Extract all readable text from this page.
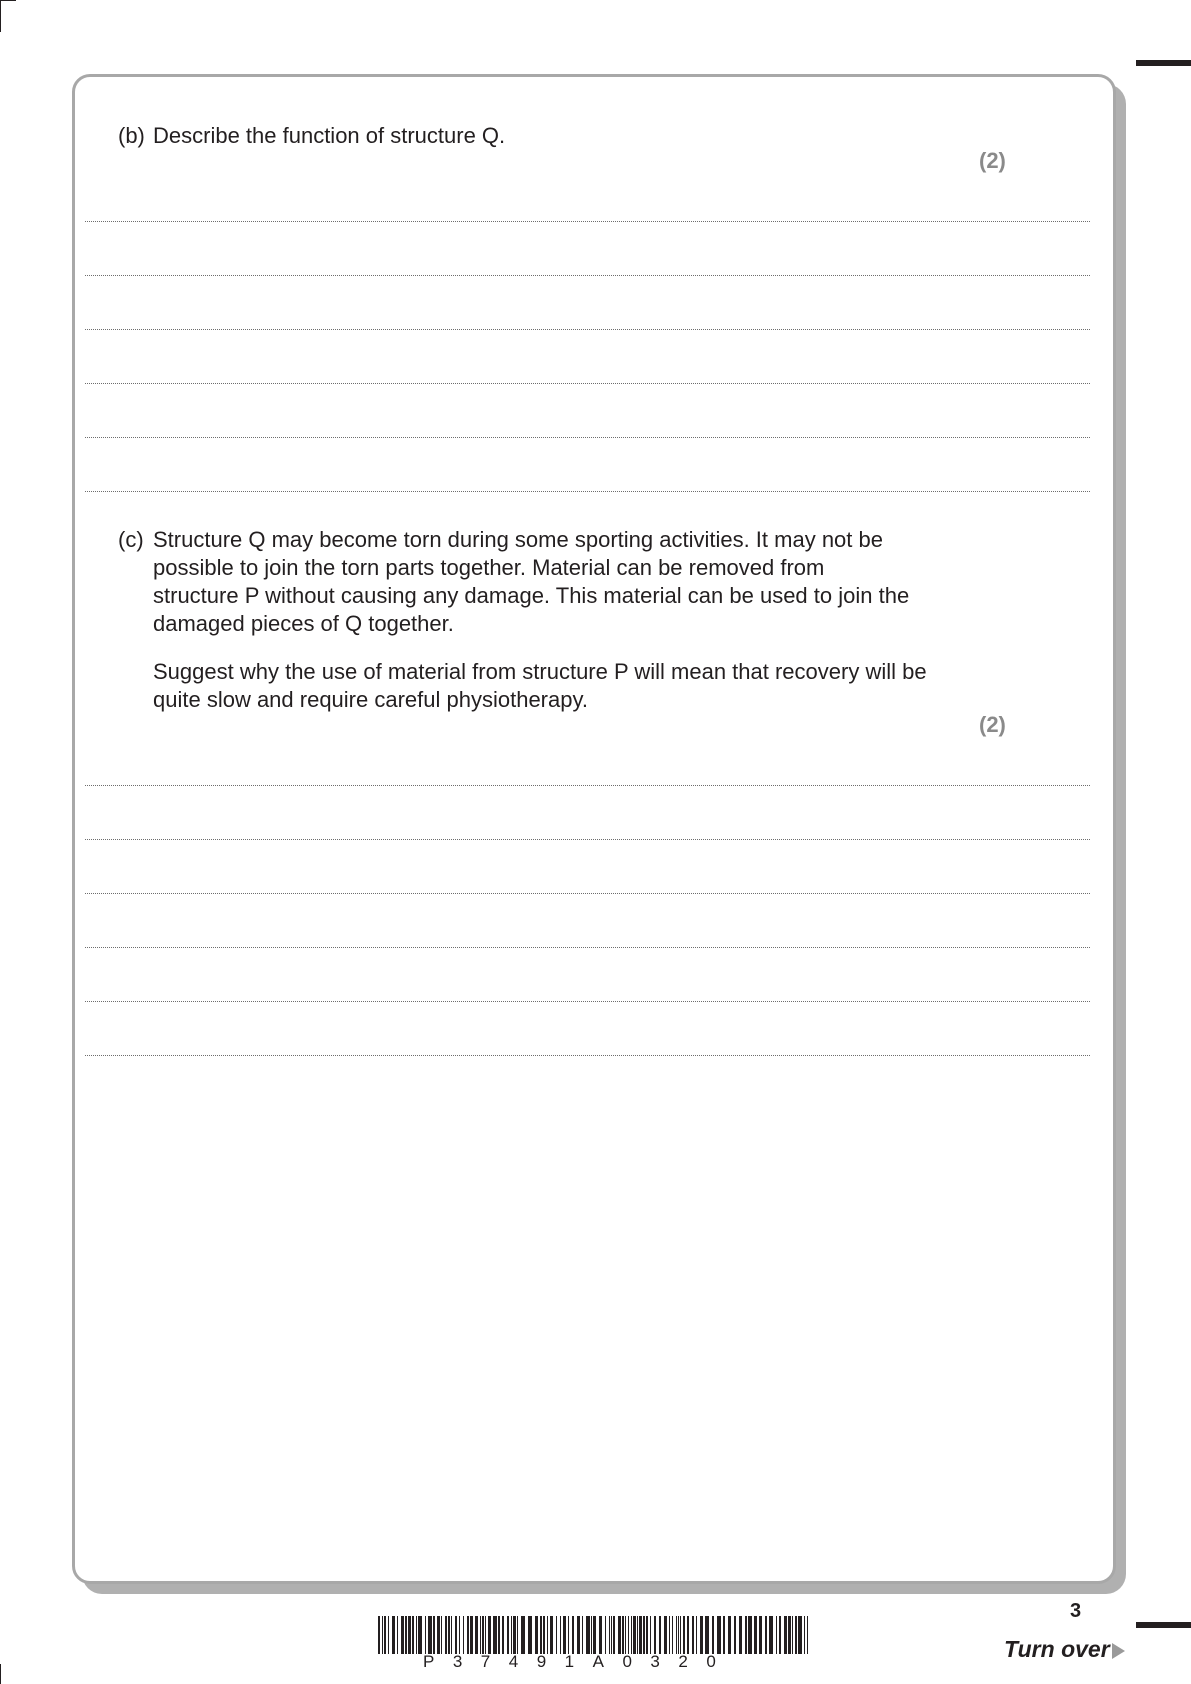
(b) Describe the function of structure Q.
(2)
(c) Structure Q may become torn during some sporting activities. It may not be
possible to join the torn parts together. Material can be removed from
structure P without causing any damage. This material can be used to join the
damaged pieces of Q together.
Suggest why the use of material from structure P will mean that recovery will be
quite slow and require careful physiotherapy.
(2)
P37491A0320
3
Turn over
